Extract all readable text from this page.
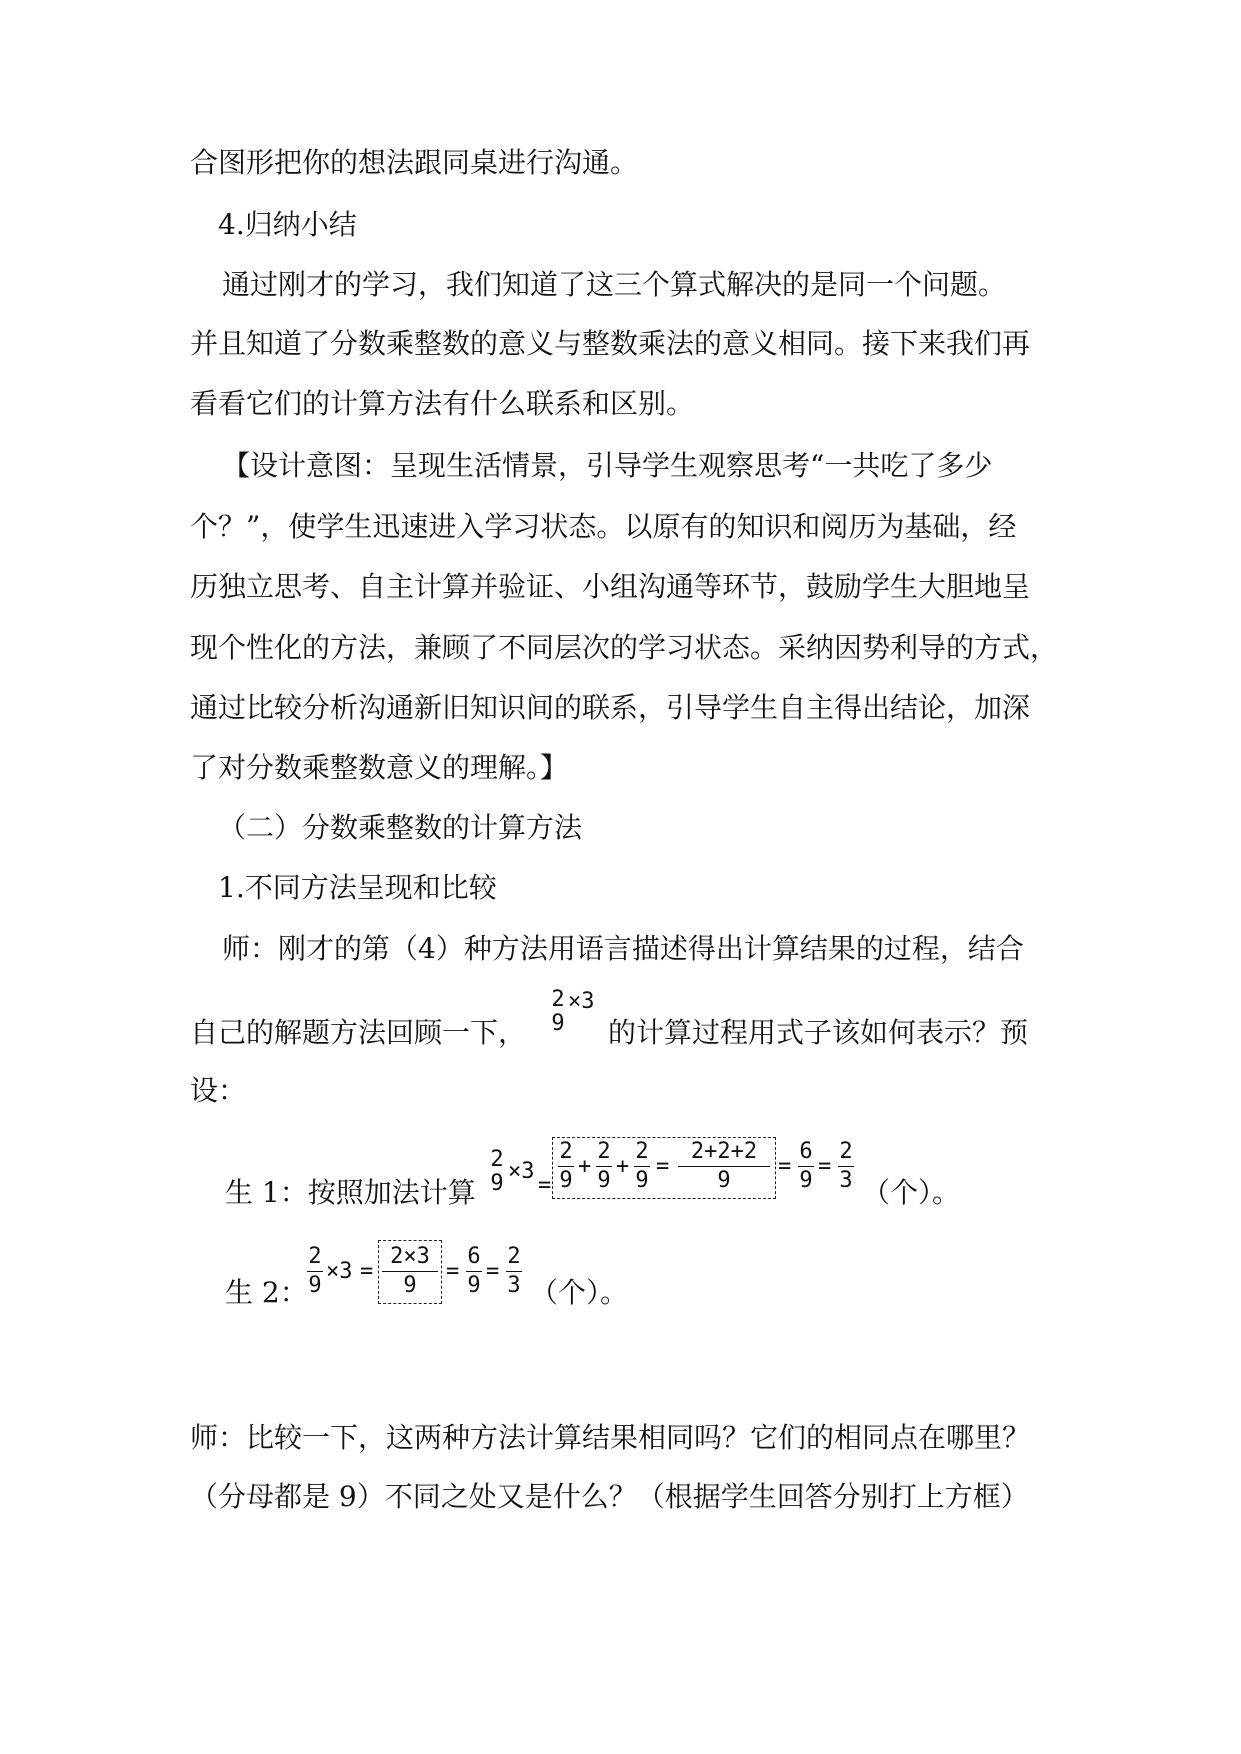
合图形把你的想法跟同桌进行沟通。
4.归纳小结
通过刚才的学习，我们知道了这三个算式解决的是同一个问题。
并且知道了分数乘整数的意义与整数乘法的意义相同。接下来我们再
看看它们的计算方法有什么联系和区别。
【设计意图：呈现生活情景，引导学生观察思考“一共吃了多少
个？”，使学生迅速进入学习状态。以原有的知识和阅历为基础，经
历独立思考、自主计算并验证、小组沟通等环节，鼓励学生大胆地呈
现个性化的方法，兼顾了不同层次的学习状态。采纳因势利导的方式，
通过比较分析沟通新旧知识间的联系，引导学生自主得出结论，加深
了对分数乘整数意义的理解。】
（二）分数乘整数的计算方法
1.不同方法呈现和比较
师：刚才的第（4）种方法用语言描述得出计算结果的过程，结合
自己的解题方法回顾一下，
2
9
×3
的计算过程用式子该如何表示？预
设：
生 1：按照加法计算
2
9 ×3
=
2
9
+
2
9
+
2
9
=
2+2+2
9
=
6
9
=
2
3 （个）。
生 2：
2
9
×3 =
2×3
9
=
6
9
=
2
3 （个）。
师：比较一下，这两种方法计算结果相同吗？它们的相同点在哪里？
（分母都是 9）不同之处又是什么？（根据学生回答分别打上方框）
